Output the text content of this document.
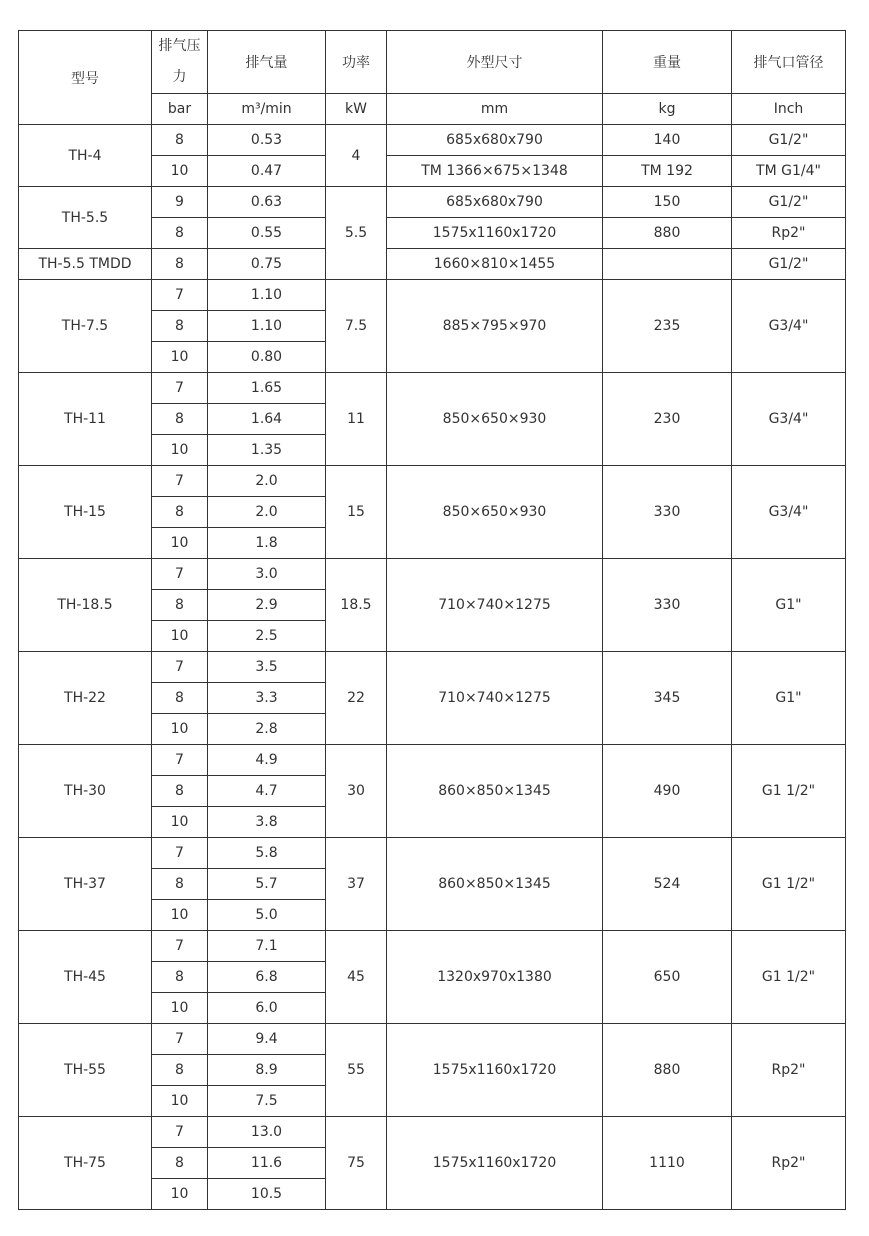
型号	排气压力	排气量	功率	外型尺寸	重量	排气口管径
	bar	m³/min	kW	mm	kg	Inch
TH-4	8	0.53	4	685x680x790	140	G1/2"
	10	0.47		TM 1366×675×1348	TM 192	TM G1/4"
TH-5.5	9	0.63	5.5	685x680x790	150	G1/2"
	8	0.55		1575x1160x1720	880	Rp2"
TH-5.5 TMDD	8	0.75		1660×810×1455		G1/2"
TH-7.5	7	1.10	7.5	885×795×970	235	G3/4"
	8	1.10				
	10	0.80				
TH-11	7	1.65	11	850×650×930	230	G3/4"
	8	1.64				
	10	1.35				
TH-15	7	2.0	15	850×650×930	330	G3/4"
	8	2.0				
	10	1.8				
TH-18.5	7	3.0	18.5	710×740×1275	330	G1"
	8	2.9				
	10	2.5				
TH-22	7	3.5	22	710×740×1275	345	G1"
	8	3.3				
	10	2.8				
TH-30	7	4.9	30	860×850×1345	490	G1 1/2"
	8	4.7				
	10	3.8				
TH-37	7	5.8	37	860×850×1345	524	G1 1/2"
	8	5.7				
	10	5.0				
TH-45	7	7.1	45	1320x970x1380	650	G1 1/2"
	8	6.8				
	10	6.0				
TH-55	7	9.4	55	1575x1160x1720	880	Rp2"
	8	8.9				
	10	7.5				
TH-75	7	13.0	75	1575x1160x1720	1110	Rp2"
	8	11.6				
	10	10.5				
